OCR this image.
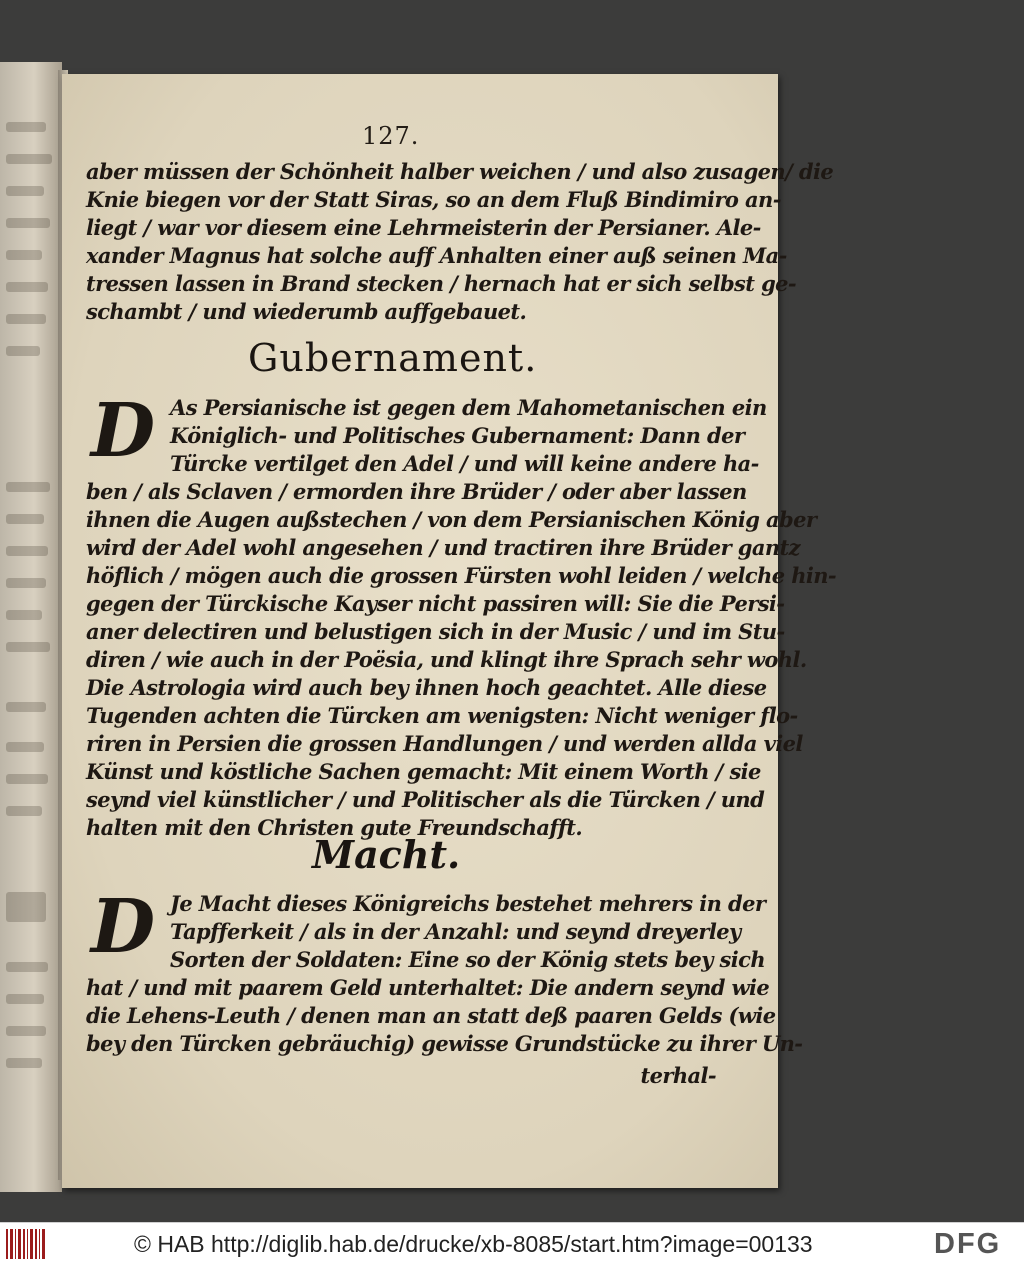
127.
aber müssen der Schönheit halber weichen / und also zusagen/ die
Knie biegen vor der Statt Siras, so an dem Fluß Bindimiro an-
liegt / war vor diesem eine Lehrmeisterin der Persianer. Ale-
xander Magnus hat solche auff Anhalten einer auß seinen Ma-
tressen lassen in Brand stecken / hernach hat er sich selbst ge-
schambt / und wiederumb auffgebauet.
Gubernament.
D As Persianische ist gegen dem Mahometanischen ein
Königlich- und Politisches Gubernament: Dann der
Türcke vertilget den Adel / und will keine andere ha-
ben / als Sclaven / ermorden ihre Brüder / oder aber lassen
ihnen die Augen außstechen / von dem Persianischen König aber
wird der Adel wohl angesehen / und tractiren ihre Brüder gantz
höflich / mögen auch die grossen Fürsten wohl leiden / welche hin-
gegen der Türckische Kayser nicht passiren will: Sie die Persi-
aner delectiren und belustigen sich in der Music / und im Stu-
diren / wie auch in der Poësia, und klingt ihre Sprach sehr wohl.
Die Astrologia wird auch bey ihnen hoch geachtet. Alle diese
Tugenden achten die Türcken am wenigsten: Nicht weniger flo-
riren in Persien die grossen Handlungen / und werden allda viel
Künst und köstliche Sachen gemacht: Mit einem Worth / sie
seynd viel künstlicher / und Politischer als die Türcken / und
halten mit den Christen gute Freundschafft.
Macht.
D Je Macht dieses Königreichs bestehet mehrers in der
Tapfferkeit / als in der Anzahl: und seynd dreyerley
Sorten der Soldaten: Eine so der König stets bey sich
hat / und mit paarem Geld unterhaltet: Die andern seynd wie
die Lehens-Leuth / denen man an statt deß paaren Gelds (wie
bey den Türcken gebräuchig) gewisse Grundstücke zu ihrer Un-
terhal-
© HAB http://diglib.hab.de/drucke/xb-8085/start.htm?image=00133	DFG
